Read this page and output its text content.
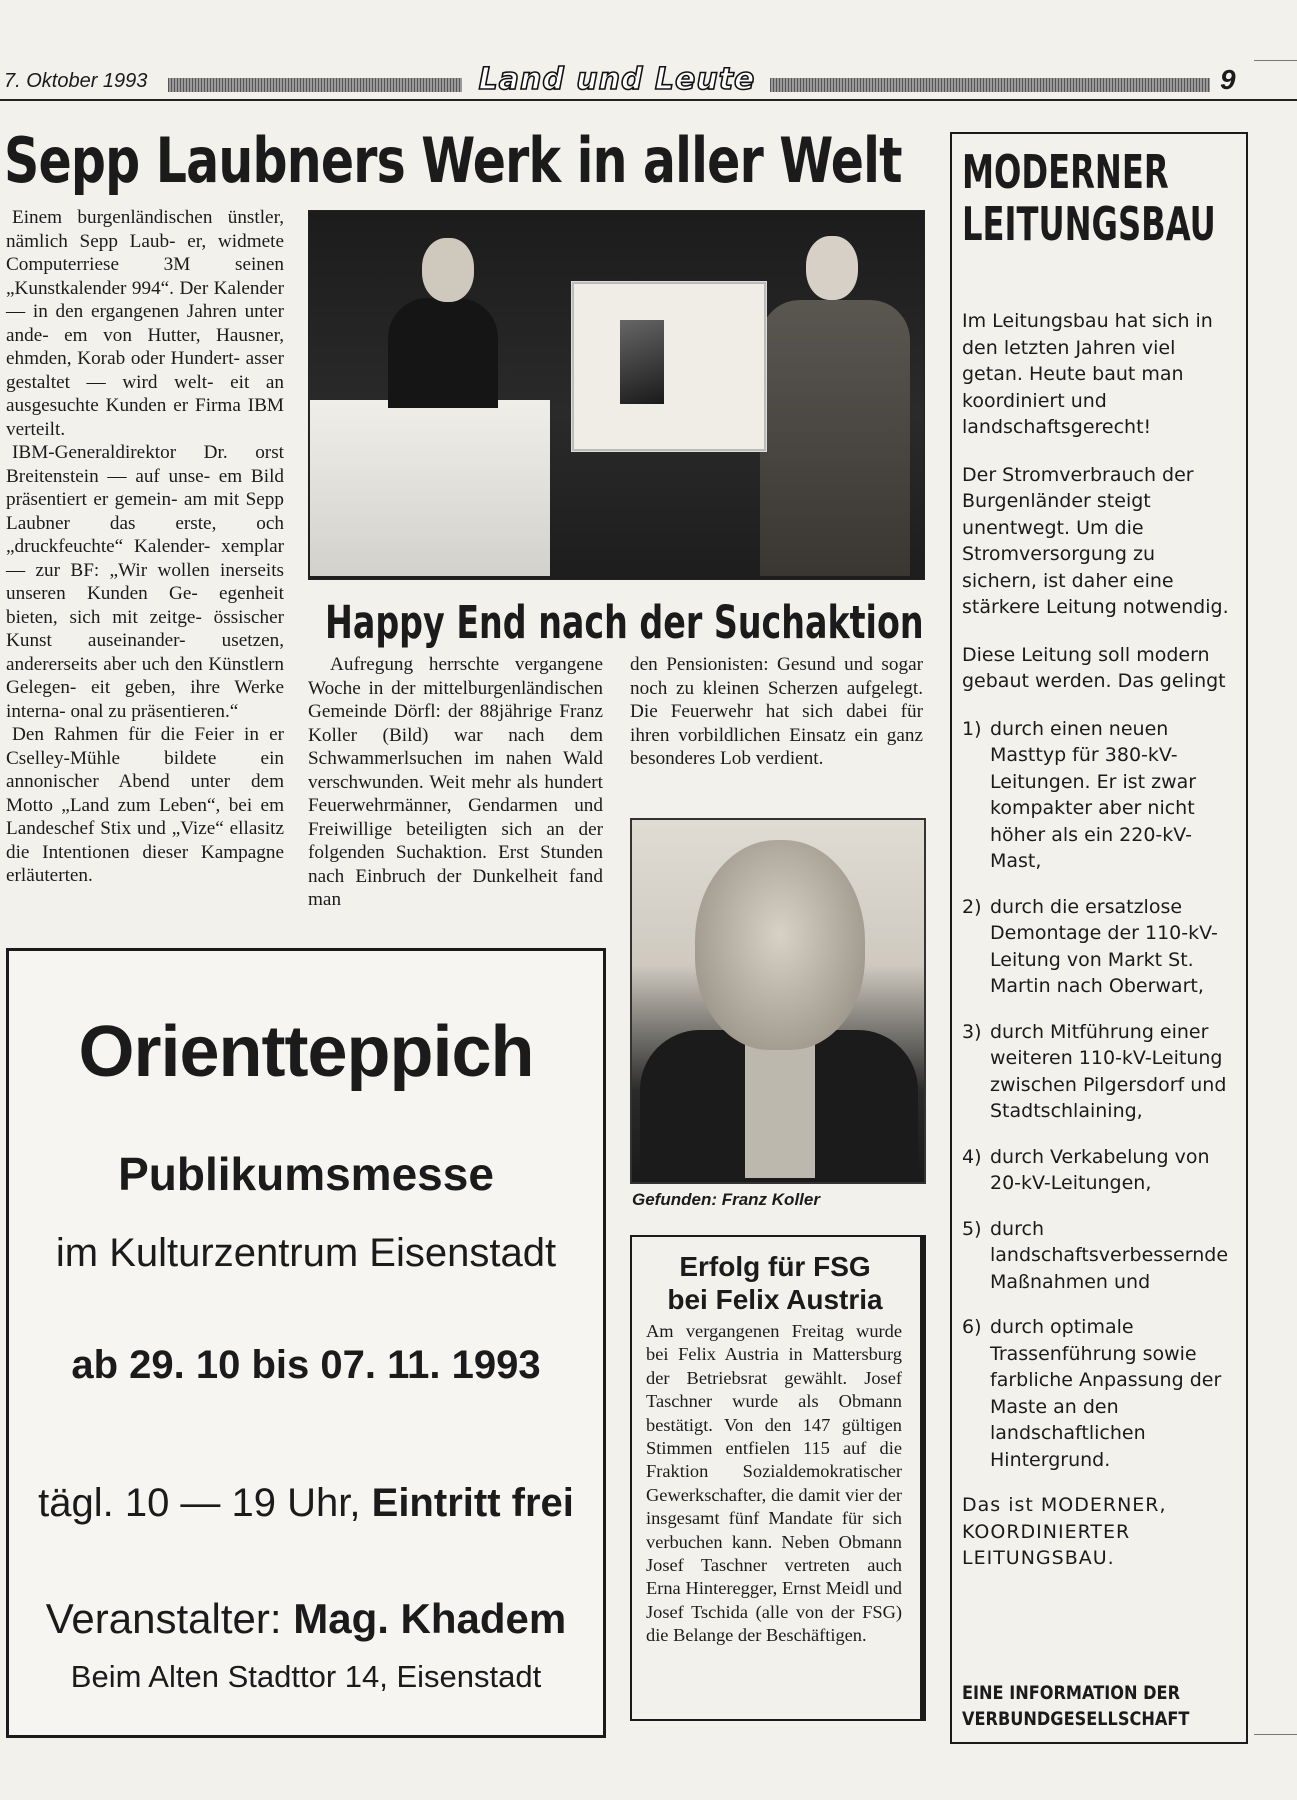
7. Oktober 1993	Land und Leute	9
Sepp Laubners Werk in aller Welt

Einem burgenländischen ünstler, nämlich Sepp Laub- er, widmete Computerriese 3M seinen „Kunstkalender 994“. Der Kalender — in den ergangenen Jahren unter ande- em von Hutter, Hausner, ehmden, Korab oder Hundert- asser gestaltet — wird welt- eit an ausgesuchte Kunden er Firma IBM verteilt.

IBM-Generaldirektor Dr. orst Breitenstein — auf unse- em Bild präsentiert er gemein- am mit Sepp Laubner das erste, och „druckfeuchte“ Kalender- xemplar — zur BF: „Wir wollen inerseits unseren Kunden Ge- egenheit bieten, sich mit zeitge- össischer Kunst auseinander- usetzen, andererseits aber uch den Künstlern Gelegen- eit geben, ihre Werke interna- onal zu präsentieren.“

Den Rahmen für die Feier in er Cselley-Mühle bildete ein annonischer Abend unter dem Motto „Land zum Leben“, bei em Landeschef Stix und „Vize“ ellasitz die Intentionen dieser Kampagne erläuterten.

Happy End nach der Suchaktion

Aufregung herrschte vergangene Woche in der mittelburgenländischen Gemeinde Dörfl: der 88jährige Franz Koller (Bild) war nach dem Schwammerlsuchen im nahen Wald verschwunden. Weit mehr als hundert Feuerwehrmänner, Gendarmen und Freiwillige beteiligten sich an der folgenden Suchaktion. Erst Stunden nach Einbruch der Dunkelheit fand man

den Pensionisten: Gesund und sogar noch zu kleinen Scherzen aufgelegt. Die Feuerwehr hat sich dabei für ihren vorbildlichen Einsatz ein ganz besonderes Lob verdient.

Gefunden: Franz Koller
Erfolg für FSG
bei Felix Austria
Am vergangenen Freitag wurde bei Felix Austria in Mattersburg der Betriebsrat gewählt. Josef Taschner wurde als Obmann bestätigt. Von den 147 gültigen Stimmen entfielen 115 auf die Fraktion Sozialdemokratischer Gewerkschafter, die damit vier der insgesamt fünf Mandate für sich verbuchen kann. Neben Obmann Josef Taschner vertreten auch Erna Hinteregger, Ernst Meidl und Josef Tschida (alle von der FSG) die Belange der Beschäftigen.
Orientteppich
Publikumsmesse
im Kulturzentrum Eisenstadt
ab 29. 10 bis 07. 11. 1993
tägl. 10 — 19 Uhr, Eintritt frei
Veranstalter: Mag. Khadem
Beim Alten Stadttor 14, Eisenstadt
MODERNER
LEITUNGSBAU

Im Leitungsbau hat sich in den letzten Jahren viel getan. Heute baut man koordiniert und landschaftsgerecht!

Der Stromverbrauch der Burgenländer steigt unentwegt. Um die Stromversorgung zu sichern, ist daher eine stärkere Leitung notwendig.

Diese Leitung soll modern gebaut werden. Das gelingt

1) durch einen neuen Masttyp für 380-kV-Leitungen. Er ist zwar kompakter aber nicht höher als ein 220-kV-Mast,
2) durch die ersatzlose Demontage der 110-kV-Leitung von Markt St. Martin nach Oberwart,
3) durch Mitführung einer weiteren 110-kV-Leitung zwischen Pilgersdorf und Stadtschlaining,
4) durch Verkabelung von 20-kV-Leitungen,
5) durch landschaftsverbessernde Maßnahmen und
6) durch optimale Trassenführung sowie farbliche Anpassung der Maste an den landschaftlichen Hintergrund.

Das ist MODERNER, KOORDINIERTER LEITUNGSBAU.

EINE INFORMATION DER
VERBUNDGESELLSCHAFT
